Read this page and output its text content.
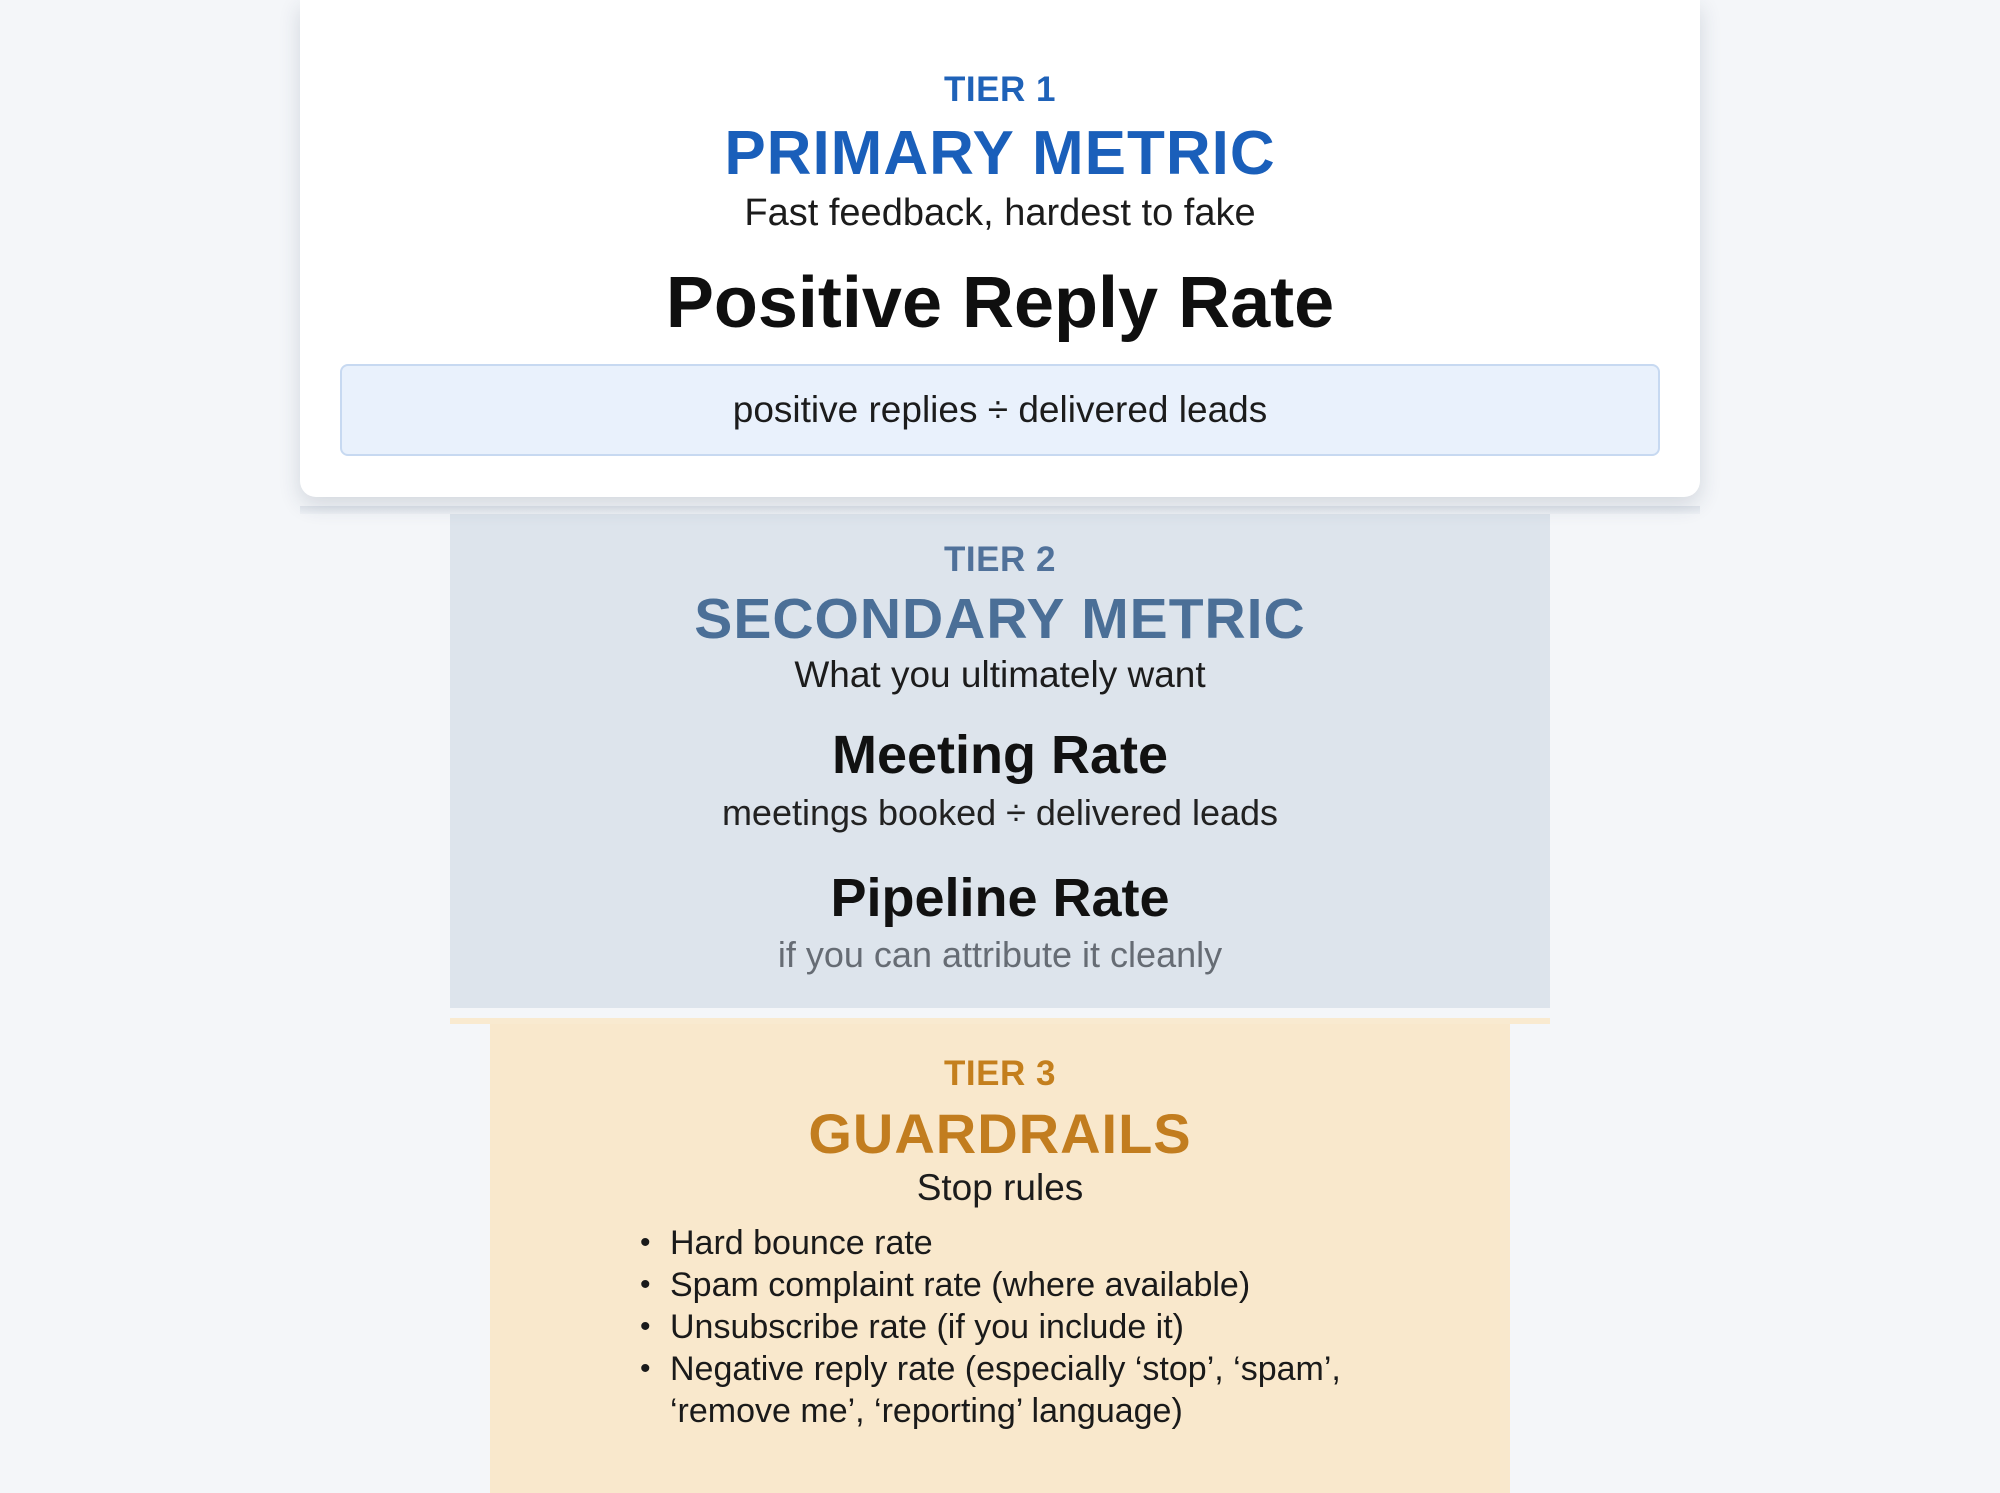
TIER 1
PRIMARY METRIC
Fast feedback, hardest to fake
Positive Reply Rate
positive replies ÷ delivered leads
TIER 2
SECONDARY METRIC
What you ultimately want
Meeting Rate
meetings booked ÷ delivered leads
Pipeline Rate
if you can attribute it cleanly
TIER 3
GUARDRAILS
Stop rules
• Hard bounce rate
• Spam complaint rate (where available)
• Unsubscribe rate (if you include it)
• Negative reply rate (especially ‘stop’, ‘spam’, ‘remove me’, ‘reporting’ language)
